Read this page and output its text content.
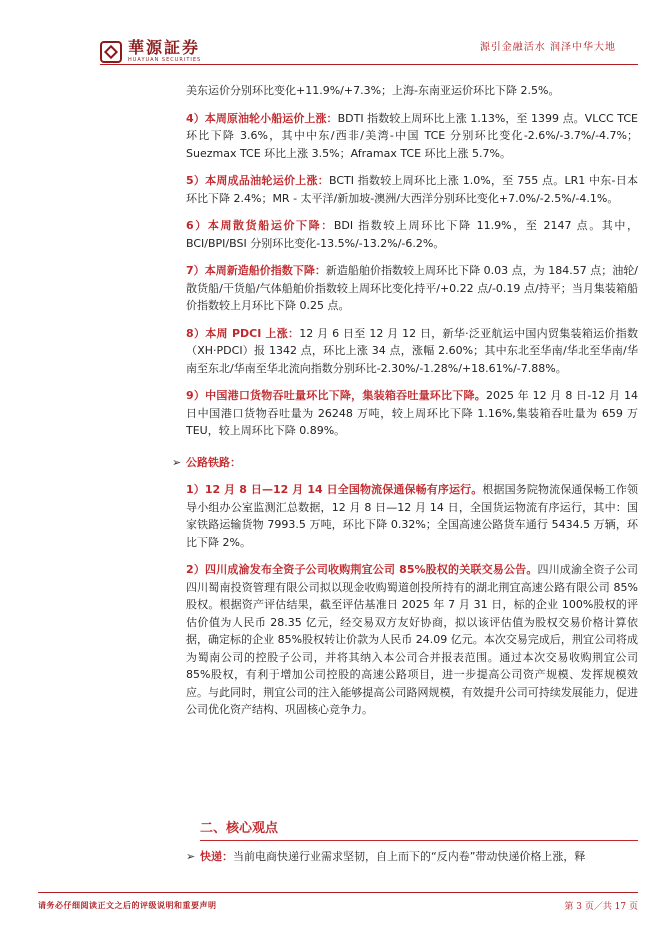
華源証券
HUAYUAN SECURITIES
源引金融活水 润泽中华大地

美东运价分别环比变化+11.9%/+7.3%；上海-东南亚运价环比下降 2.5%。

4）本周原油轮小船运价上涨：BDTI 指数较上周环比上涨 1.13%，至 1399 点。VLCC TCE 环比下降 3.6%，其中中东/西非/美湾-中国 TCE 分别环比变化-2.6%/-3.7%/-4.7%；Suezmax TCE 环比上涨 3.5%；Aframax TCE 环比上涨 5.7%。

5）本周成品油轮运价上涨：BCTI 指数较上周环比上涨 1.0%，至 755 点。LR1 中东-日本环比下降 2.4%；MR - 太平洋/新加坡-澳洲/大西洋分别环比变化+7.0%/-2.5%/-4.1%。

6）本周散货船运价下降：BDI 指数较上周环比下降 11.9%，至 2147 点。其中，BCI/BPI/BSI 分别环比变化-13.5%/-13.2%/-6.2%。

7）本周新造船价指数下降：新造船舶价指数较上周环比下降 0.03 点，为 184.57 点；油轮/散货船/干货船/气体船舶价指数较上周环比变化持平/+0.22 点/-0.19 点/持平；当月集装箱船价指数较上月环比下降 0.25 点。

8）本周 PDCI 上涨：12 月 6 日至 12 月 12 日，新华·泛亚航运中国内贸集装箱运价指数（XH·PDCI）报 1342 点，环比上涨 34 点，涨幅 2.60%；其中东北至华南/华北至华南/华南至东北/华南至华北流向指数分别环比-2.30%/-1.28%/+18.61%/-7.88%。

9）中国港口货物吞吐量环比下降，集装箱吞吐量环比下降。2025 年 12 月 8 日-12 月 14 日中国港口货物吞吐量为 26248 万吨，较上周环比下降 1.16%,集装箱吞吐量为 659 万 TEU，较上周环比下降 0.89%。

➢ 公路铁路：

1）12 月 8 日—12 月 14 日全国物流保通保畅有序运行。根据国务院物流保通保畅工作领导小组办公室监测汇总数据，12 月 8 日—12 月 14 日，全国货运物流有序运行，其中：国家铁路运输货物 7993.5 万吨，环比下降 0.32%；全国高速公路货车通行 5434.5 万辆，环比下降 2%。

2）四川成渝发布全资子公司收购荆宜公司 85%股权的关联交易公告。四川成渝全资子公司四川蜀南投资管理有限公司拟以现金收购蜀道创投所持有的湖北荆宜高速公路有限公司 85%股权。根据资产评估结果，截至评估基准日 2025 年 7 月 31 日，标的企业 100%股权的评估价值为人民币 28.35 亿元，经交易双方友好协商，拟以该评估值为股权交易价格计算依据，确定标的企业 85%股权转让价款为人民币 24.09 亿元。本次交易完成后，荆宜公司将成为蜀南公司的控股子公司，并将其纳入本公司合并报表范围。通过本次交易收购荆宜公司 85%股权，有利于增加公司控股的高速公路项目，进一步提高公司资产规模、发挥规模效应。与此同时，荆宜公司的注入能够提高公司路网规模，有效提升公司可持续发展能力，促进公司优化资产结构、巩固核心竞争力。

二、核心观点
➢ 快递：当前电商快递行业需求坚韧，自上而下的“反内卷”带动快递价格上涨，释
请务必仔细阅读正文之后的评级说明和重要声明	第 3 页／共 17 页
